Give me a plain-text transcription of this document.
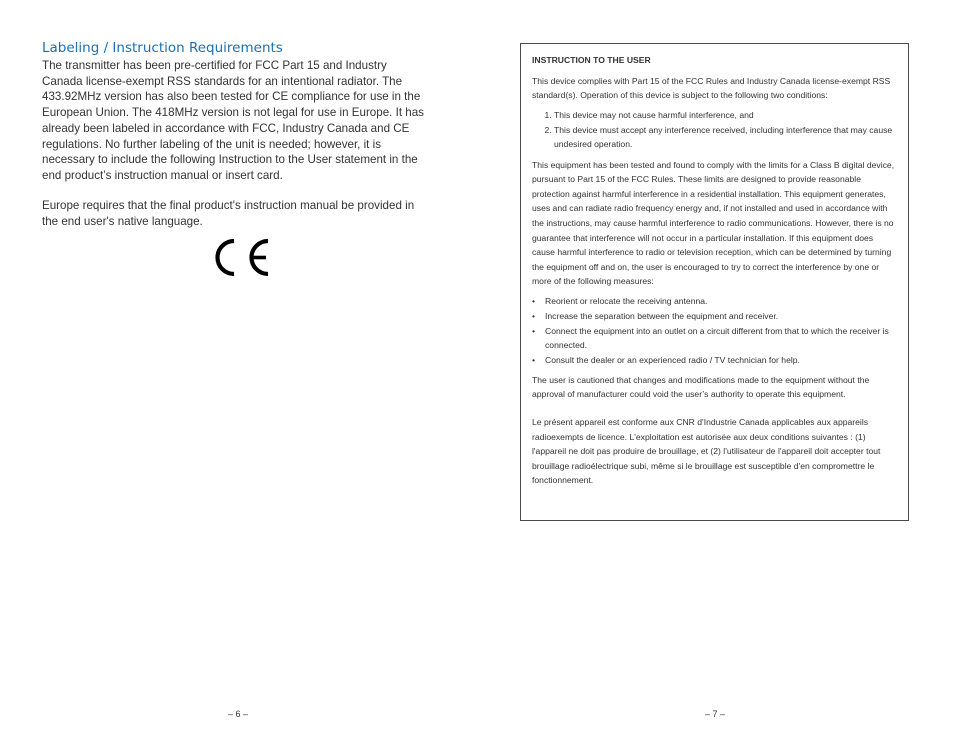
Labeling / Instruction Requirements
The transmitter has been pre-certified for FCC Part 15 and Industry Canada license-exempt RSS standards for an intentional radiator. The 433.92MHz version has also been tested for CE compliance for use in the European Union. The 418MHz version is not legal for use in Europe. It has already been labeled in accordance with FCC, Industry Canada and CE regulations. No further labeling of the unit is needed; however, it is necessary to include the following Instruction to the User statement in the end product’s instruction manual or insert card.
Europe requires that the final product's instruction manual be provided in the end user's native language.
– 6 –
INSTRUCTION TO THE USER

This device complies with Part 15 of the FCC Rules and Industry Canada license-exempt RSS standard(s). Operation of this device is subject to the following two conditions:

1. This device may not cause harmful interference, and
2. This device must accept any interference received, including interference that may cause undesired operation.

This equipment has been tested and found to comply with the limits for a Class B digital device, pursuant to Part 15 of the FCC Rules. These limits are designed to provide reasonable protection against harmful interference in a residential installation. This equipment generates, uses and can radiate radio frequency energy and, if not installed and used in accordance with the instructions, may cause harmful interference to radio communications. However, there is no guarantee that interference will not occur in a particular installation. If this equipment does cause harmful interference to radio or television reception, which can be determined by turning the equipment off and on, the user is encouraged to try to correct the interference by one or more of the following measures:

• Reorient or relocate the receiving antenna.
• Increase the separation between the equipment and receiver.
• Connect the equipment into an outlet on a circuit different from that to which the receiver is connected.
• Consult the dealer or an experienced radio / TV technician for help.

The user is cautioned that changes and modifications made to the equipment without the approval of manufacturer could void the user’s authority to operate this equipment.

Le présent appareil est conforme aux CNR d'Industrie Canada applicables aux appareils radioexempts de licence. L'exploitation est autorisée aux deux conditions suivantes : (1) l'appareil ne doit pas produire de brouillage, et (2) l'utilisateur de l'appareil doit accepter tout brouillage radioélectrique subi, même si le brouillage est susceptible d'en compromettre le fonctionnement.

– 7 –
